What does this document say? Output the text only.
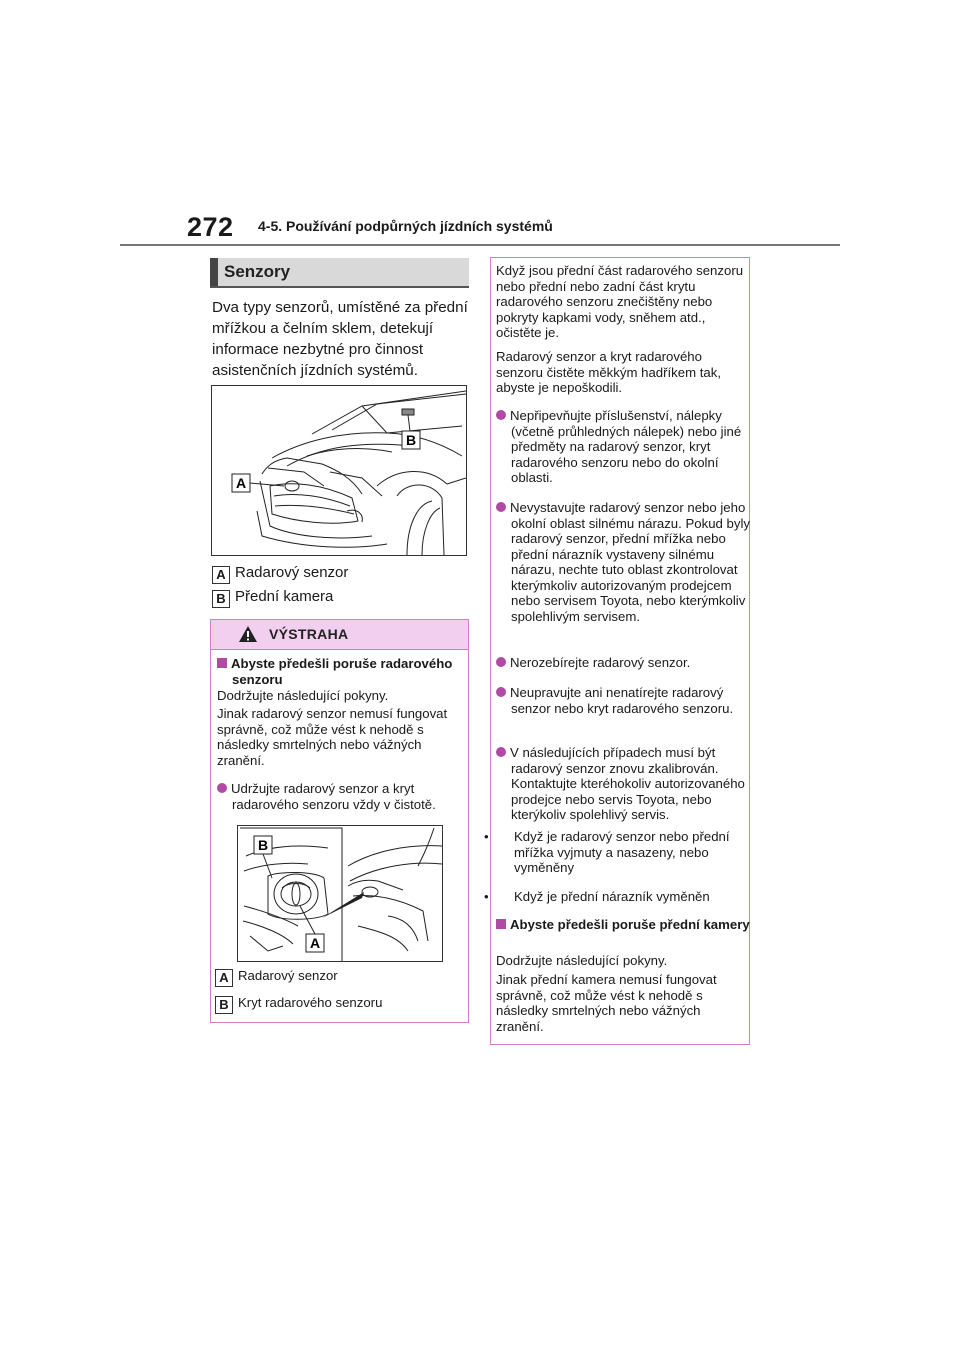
272 4-5. Používání podpůrných jízdních systémů
Senzory
Dva typy senzorů, umístěné za přední mřížkou a čelním sklem, detekují informace nezbytné pro činnost asistenčních jízdních systémů.
B
A
A Radarový senzor
B Přední kamera
VÝSTRAHA
Abyste předešli poruše radarového senzoru
Dodržujte následující pokyny.
Jinak radarový senzor nemusí fungovat správně, což může vést k nehodě s následky smrtelných nebo vážných zranění.
Udržujte radarový senzor a kryt radarového senzoru vždy v čistotě.
B
A
A Radarový senzor
B Kryt radarového senzoru
Když jsou přední část radarového senzoru nebo přední nebo zadní část krytu radarového senzoru znečištěny nebo pokryty kapkami vody, sněhem atd., očistěte je.
Radarový senzor a kryt radarového senzoru čistěte měkkým hadříkem tak, abyste je nepoškodili.
Nepřipevňujte příslušenství, nálepky (včetně průhledných nálepek) nebo jiné předměty na radarový senzor, kryt radarového senzoru nebo do okolní oblasti.
Nevystavujte radarový senzor nebo jeho okolní oblast silnému nárazu. Pokud byly radarový senzor, přední mřížka nebo přední nárazník vystaveny silnému nárazu, nechte tuto oblast zkontrolovat kterýmkoliv autorizovaným prodejcem nebo servisem Toyota, nebo kterýmkoliv spolehlivým servisem.
Nerozebírejte radarový senzor.
Neupravujte ani nenatírejte radarový senzor nebo kryt radarového senzoru.
V následujících případech musí být radarový senzor znovu zkalibrován. Kontaktujte kteréhokoliv autorizovaného prodejce nebo servis Toyota, nebo kterýkoliv spolehlivý servis.
• Když je radarový senzor nebo přední mřížka vyjmuty a nasazeny, nebo vyměněny
• Když je přední nárazník vyměněn
Abyste předešli poruše přední kamery
Dodržujte následující pokyny.
Jinak přední kamera nemusí fungovat správně, což může vést k nehodě s následky smrtelných nebo vážných zranění.
